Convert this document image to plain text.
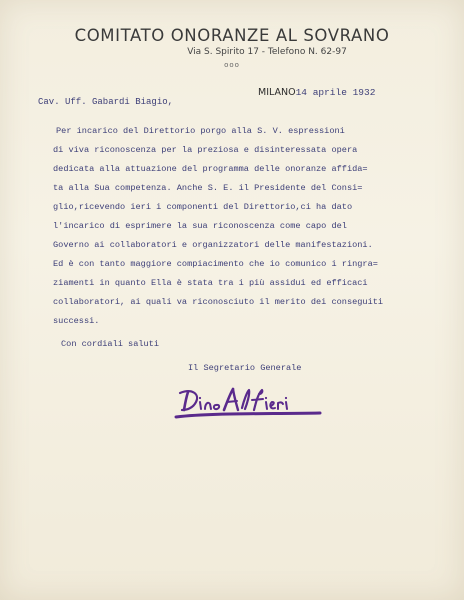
COMITATO ONORANZE AL SOVRANO
Via S. Spirito 17 - Telefono N. 62-97
ooo
MILANO14 aprile 1932
Cav. Uff. Gabardi Biagio,

Per incarico del Direttorio porgo alla S. V. espressioni

di viva riconoscenza per la preziosa e disinteressata opera

dedicata alla attuazione del programma delle onoranze affida=

ta alla Sua competenza. Anche S. E. il Presidente del Consi=

glio,ricevendo ieri i componenti del Direttorio,ci ha dato

l'incarico di esprimere la sua riconoscenza come capo del

Governo ai collaboratori e organizzatori delle manifestazioni.

Ed è con tanto maggiore compiacimento che io comunico i ringra=

ziamenti in quanto Ella è stata tra i più assidui ed efficaci

collaboratori, ai quali va riconosciuto il merito dei conseguiti

successi.

Con cordiali saluti

Il Segretario Generale
